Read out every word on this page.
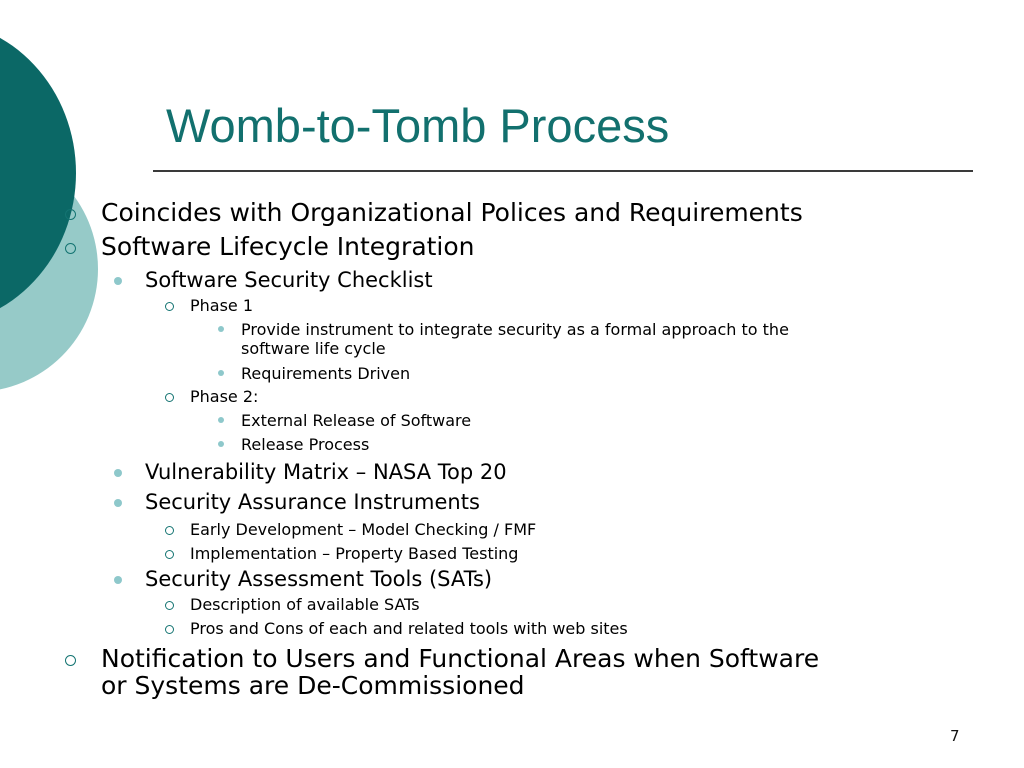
Womb-to-Tomb Process
Coincides with Organizational Polices and Requirements
Software Lifecycle Integration
Software Security Checklist
Phase 1
Provide instrument to integrate security as a formal approach to the
software life cycle
Requirements Driven
Phase 2:
External Release of Software
Release Process
Vulnerability Matrix – NASA Top 20
Security Assurance Instruments
Early Development – Model Checking / FMF
Implementation – Property Based Testing
Security Assessment Tools (SATs)
Description of available SATs
Pros and Cons of each and related tools with web sites
Notification to Users and Functional Areas when Software
or Systems are De-Commissioned
7
